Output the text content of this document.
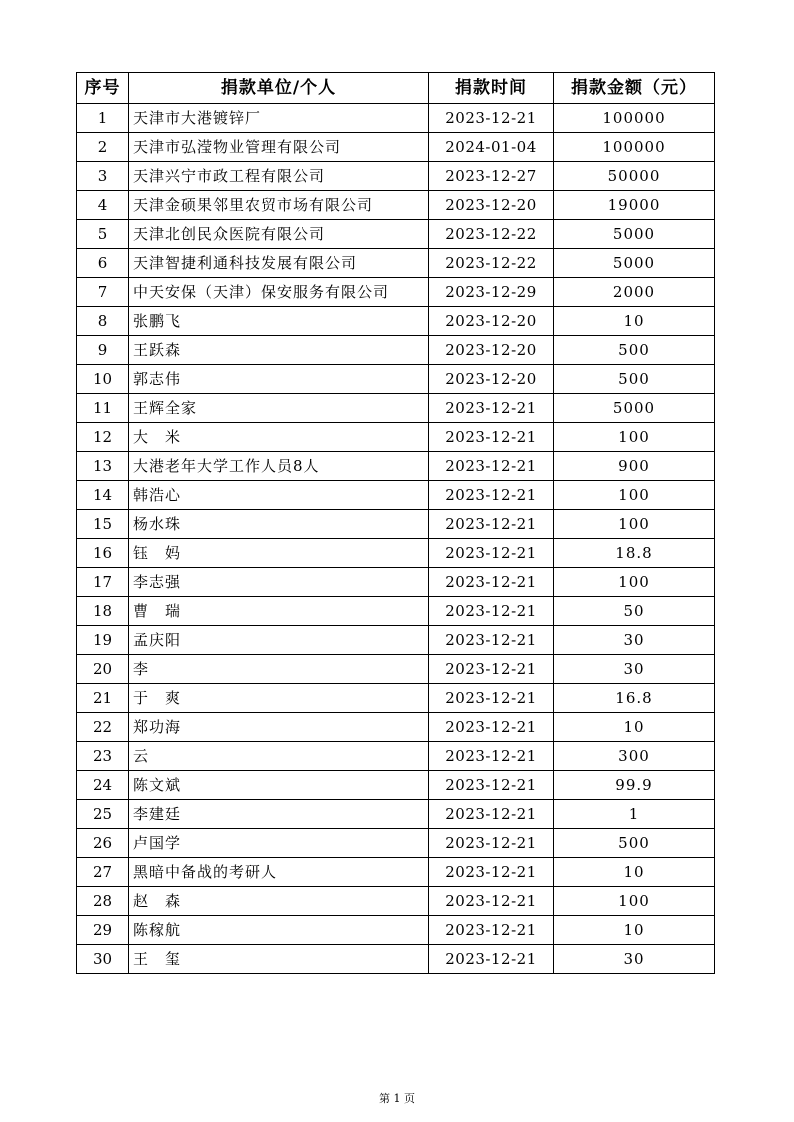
序号	捐款单位/个人	捐款时间	捐款金额（元）
1	天津市大港镀锌厂	2023-12-21	100000
2	天津市弘滢物业管理有限公司	2024-01-04	100000
3	天津兴宁市政工程有限公司	2023-12-27	50000
4	天津金硕果邻里农贸市场有限公司	2023-12-20	19000
5	天津北创民众医院有限公司	2023-12-22	5000
6	天津智捷利通科技发展有限公司	2023-12-22	5000
7	中天安保（天津）保安服务有限公司	2023-12-29	2000
8	张鹏飞	2023-12-20	10
9	王跃森	2023-12-20	500
10	郭志伟	2023-12-20	500
11	王辉全家	2023-12-21	5000
12	大　米	2023-12-21	100
13	大港老年大学工作人员8人	2023-12-21	900
14	韩浩心	2023-12-21	100
15	杨水珠	2023-12-21	100
16	钰　妈	2023-12-21	18.8
17	李志强	2023-12-21	100
18	曹　瑞	2023-12-21	50
19	孟庆阳	2023-12-21	30
20	李	2023-12-21	30
21	于　爽	2023-12-21	16.8
22	郑功海	2023-12-21	10
23	云	2023-12-21	300
24	陈文斌	2023-12-21	99.9
25	李建廷	2023-12-21	1
26	卢国学	2023-12-21	500
27	黑暗中备战的考研人	2023-12-21	10
28	赵　森	2023-12-21	100
29	陈稼航	2023-12-21	10
30	王　玺	2023-12-21	30
第 1 页
